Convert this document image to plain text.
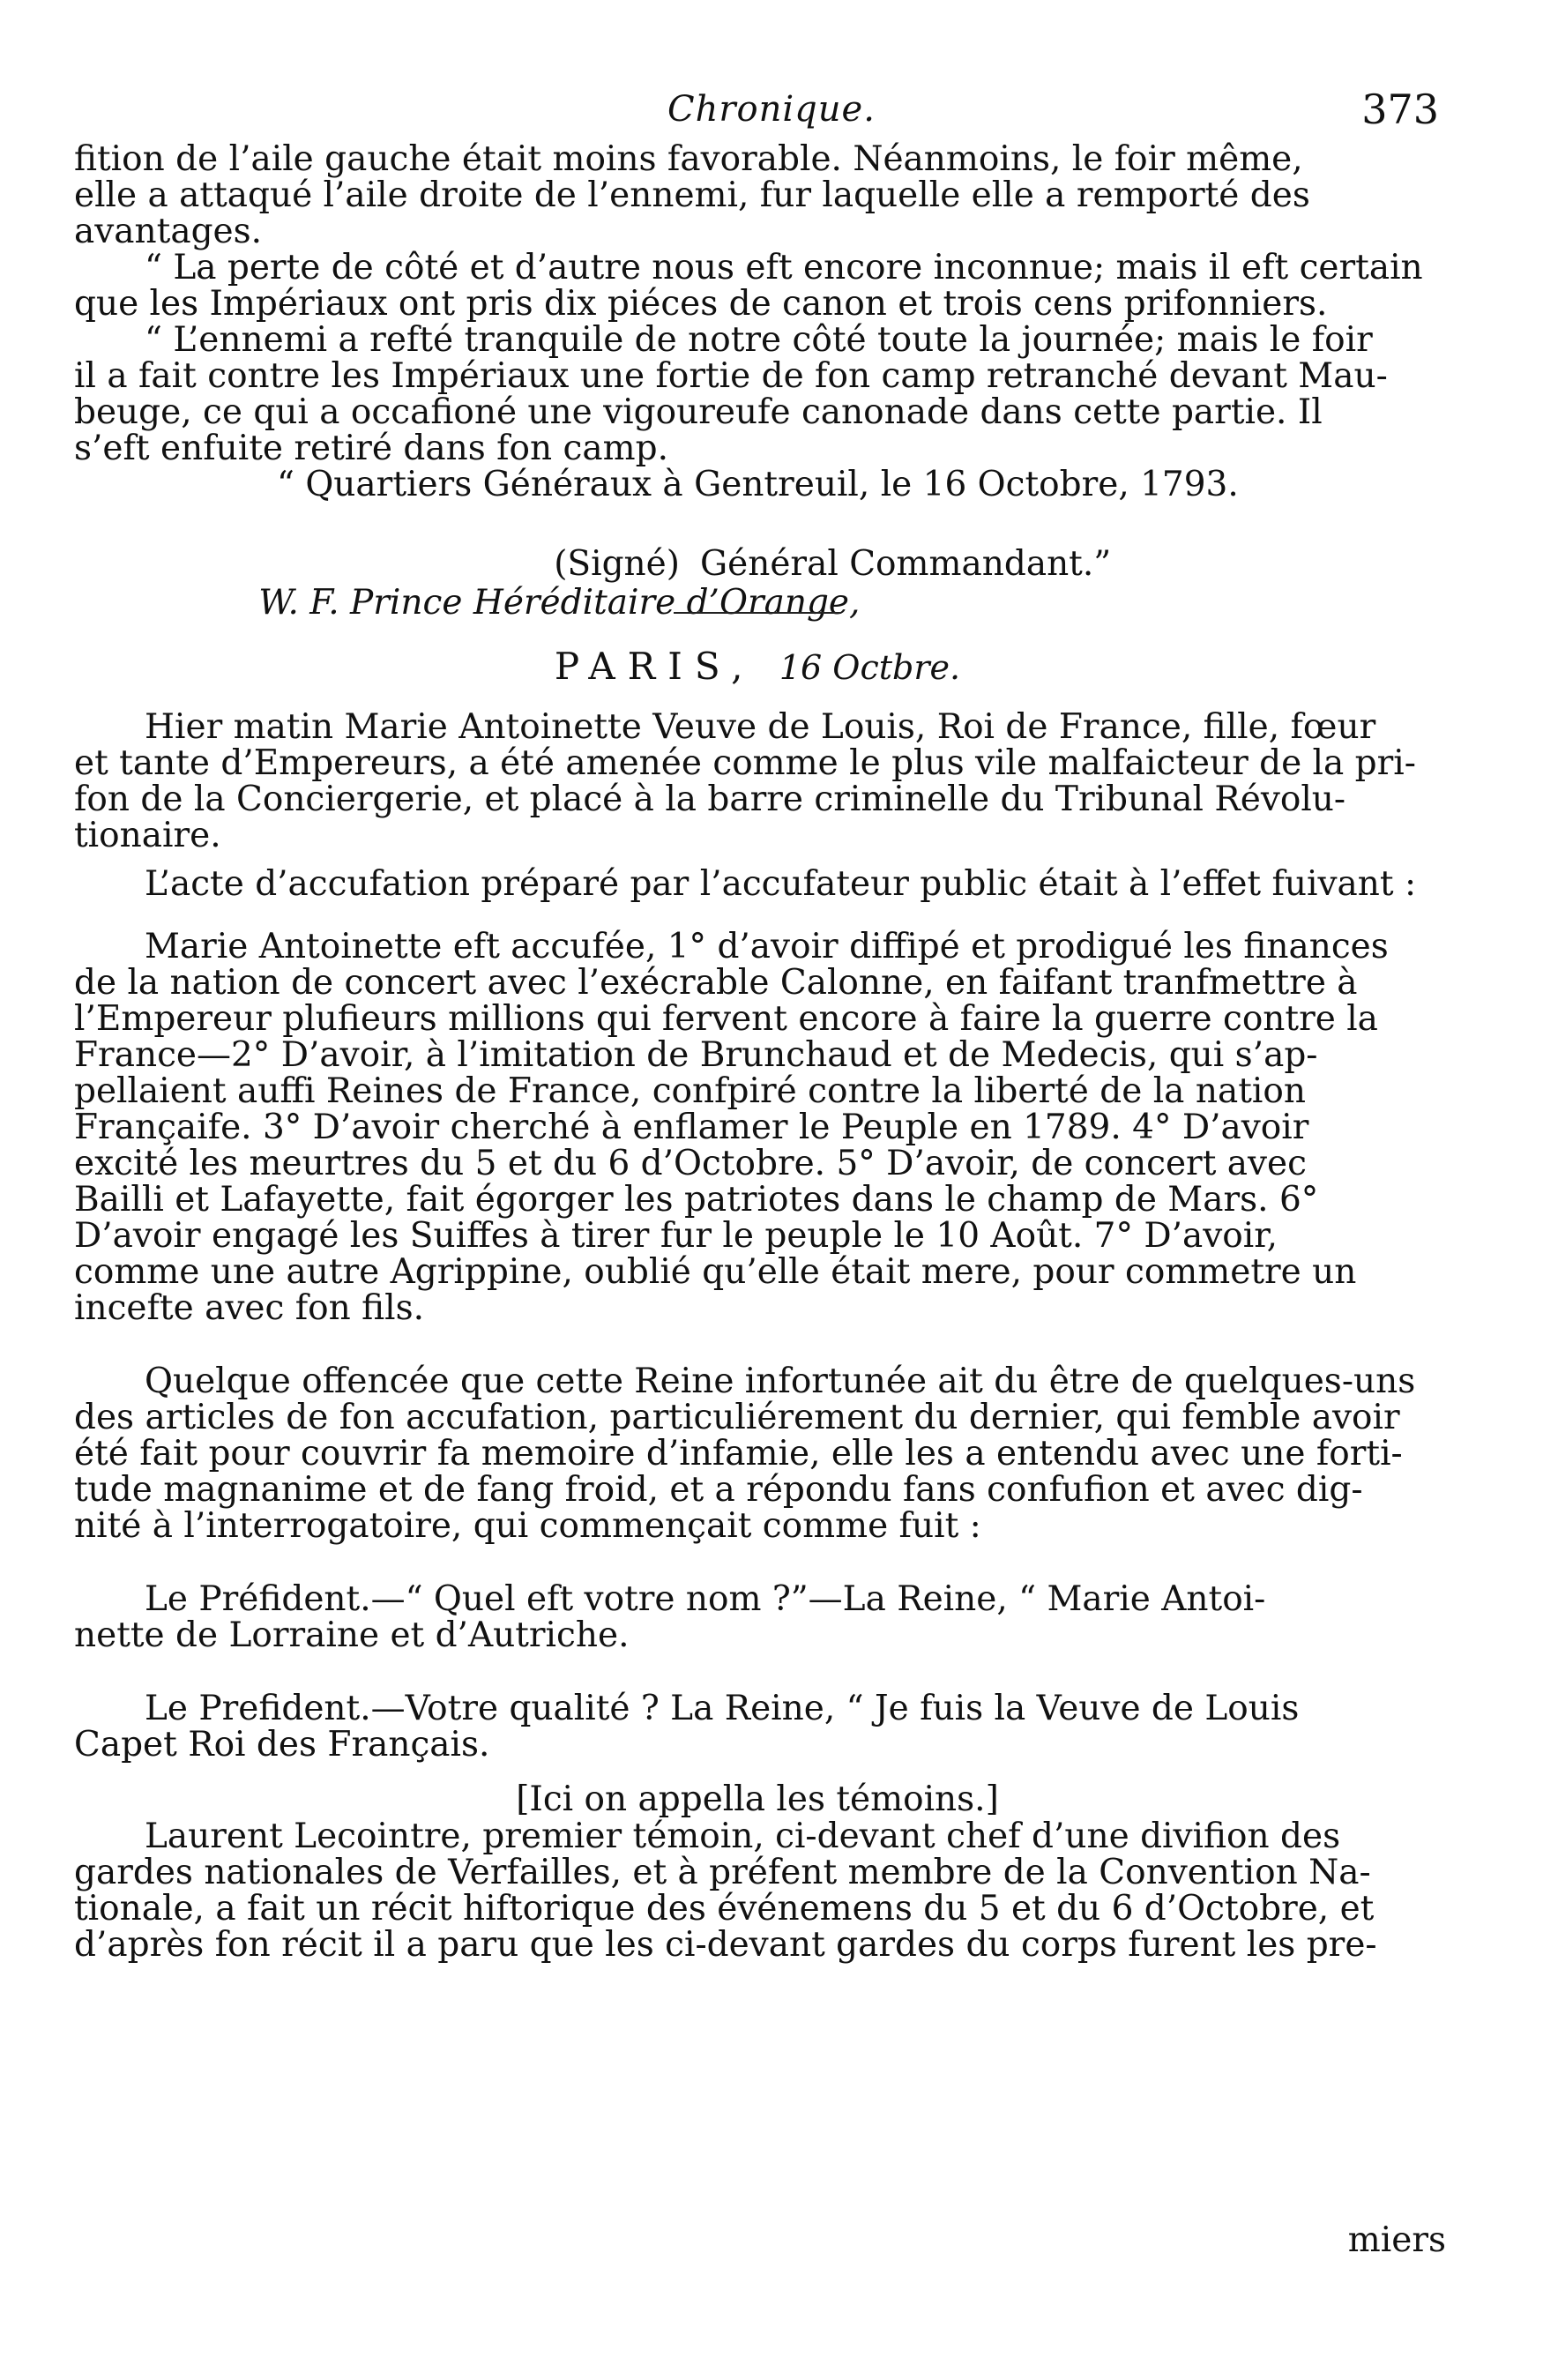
Chronique.	373
fition de l’aile gauche était moins favorable. Néanmoins, le foir même,
elle a attaqué l’aile droite de l’ennemi, fur laquelle elle a remporté des
avantages.
“ La perte de côté et d’autre nous eft encore inconnue; mais il eft certain
que les Impériaux ont pris dix piéces de canon et trois cens prifonniers.
“ L’ennemi a refté tranquile de notre côté toute la journée; mais le foir
il a fait contre les Impériaux une fortie de fon camp retranché devant Mau-
beuge, ce qui a occafioné une vigoureufe canonade dans cette partie. Il
s’eft enfuite retiré dans fon camp.
“ Quartiers Généraux à Gentreuil, le 16 Octobre, 1793.

(Signé)
W. F. Prince Héréditaire d’Orange,

Général Commandant.”
PARIS, 16 Octbre.
Hier matin Marie Antoinette Veuve de Louis, Roi de France, fille, fœur
et tante d’Empereurs, a été amenée comme le plus vile malfaicteur de la pri-
fon de la Conciergerie, et placé à la barre criminelle du Tribunal Révolu-
tionaire.
L’acte d’accufation préparé par l’accufateur public était à l’effet fuivant :
Marie Antoinette eft accufée, 1° d’avoir diffipé et prodigué les finances
de la nation de concert avec l’exécrable Calonne, en faifant tranfmettre à
l’Empereur plufieurs millions qui fervent encore à faire la guerre contre la
France—2° D’avoir, à l’imitation de Brunchaud et de Medecis, qui s’ap-
pellaient auffi Reines de France, confpiré contre la liberté de la nation
Françaife. 3° D’avoir cherché à enflamer le Peuple en 1789. 4° D’avoir
excité les meurtres du 5 et du 6 d’Octobre. 5° D’avoir, de concert avec
Bailli et Lafayette, fait égorger les patriotes dans le champ de Mars. 6°
D’avoir engagé les Suiffes à tirer fur le peuple le 10 Août. 7° D’avoir,
comme une autre Agrippine, oublié qu’elle était mere, pour commetre un
incefte avec fon fils.
Quelque offencée que cette Reine infortunée ait du être de quelques-uns
des articles de fon accufation, particuliérement du dernier, qui femble avoir
été fait pour couvrir fa memoire d’infamie, elle les a entendu avec une forti-
tude magnanime et de fang froid, et a répondu fans confufion et avec dig-
nité à l’interrogatoire, qui commençait comme fuit :
Le Préfident.—“ Quel eft votre nom ?”—La Reine, “ Marie Antoi-
nette de Lorraine et d’Autriche.
Le Prefident.—Votre qualité ? La Reine, “ Je fuis la Veuve de Louis
Capet Roi des Français.
[Ici on appella les témoins.]
Laurent Lecointre, premier témoin, ci-devant chef d’une divifion des
gardes nationales de Verfailles, et à préfent membre de la Convention Na-
tionale, a fait un récit hiftorique des événemens du 5 et du 6 d’Octobre, et
d’après fon récit il a paru que les ci-devant gardes du corps furent les pre-
miers
